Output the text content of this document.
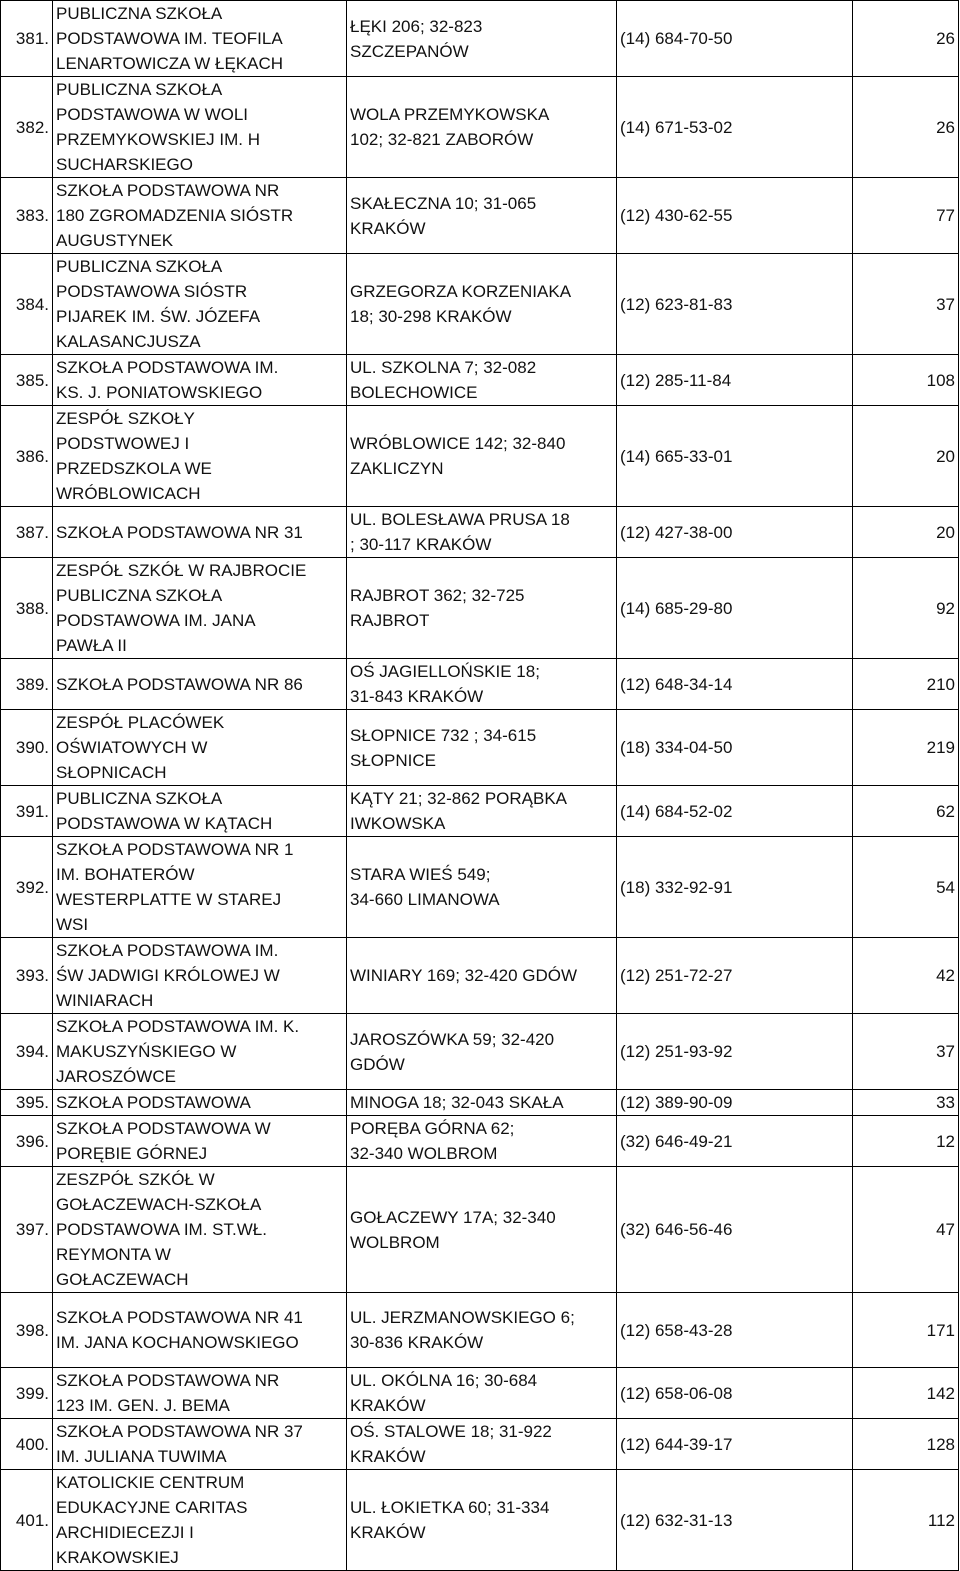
381.	PUBLICZNA SZKOŁA
PODSTAWOWA IM. TEOFILA
LENARTOWICZA W ŁĘKACH	ŁĘKI 206; 32-823
SZCZEPANÓW	(14) 684-70-50	26
382.	PUBLICZNA SZKOŁA
PODSTAWOWA W WOLI
PRZEMYKOWSKIEJ IM. H
SUCHARSKIEGO	WOLA PRZEMYKOWSKA
102; 32-821 ZABORÓW	(14) 671-53-02	26
383.	SZKOŁA PODSTAWOWA NR
180 ZGROMADZENIA SIÓSTR
AUGUSTYNEK	SKAŁECZNA 10; 31-065
KRAKÓW	(12) 430-62-55	77
384.	PUBLICZNA SZKOŁA
PODSTAWOWA SIÓSTR
PIJAREK IM. ŚW. JÓZEFA
KALASANCJUSZA	GRZEGORZA KORZENIAKA
18; 30-298 KRAKÓW	(12) 623-81-83	37
385.	SZKOŁA PODSTAWOWA IM.
KS. J. PONIATOWSKIEGO	UL. SZKOLNA 7; 32-082
BOLECHOWICE	(12) 285-11-84	108
386.	ZESPÓŁ SZKOŁY
PODSTWOWEJ I
PRZEDSZKOLA WE
WRÓBLOWICACH	WRÓBLOWICE 142; 32-840
ZAKLICZYN	(14) 665-33-01	20
387.	SZKOŁA PODSTAWOWA NR 31	UL. BOLESŁAWA PRUSA 18
; 30-117 KRAKÓW	(12) 427-38-00	20
388.	ZESPÓŁ SZKÓŁ W RAJBROCIE
PUBLICZNA SZKOŁA
PODSTAWOWA IM. JANA
PAWŁA II	RAJBROT 362; 32-725
RAJBROT	(14) 685-29-80	92
389.	SZKOŁA PODSTAWOWA NR 86	OŚ JAGIELLOŃSKIE 18;
31-843 KRAKÓW	(12) 648-34-14	210
390.	ZESPÓŁ PLACÓWEK
OŚWIATOWYCH W
SŁOPNICACH	SŁOPNICE 732 ; 34-615
SŁOPNICE	(18) 334-04-50	219
391.	PUBLICZNA SZKOŁA
PODSTAWOWA W KĄTACH	KĄTY 21; 32-862 PORĄBKA
IWKOWSKA	(14) 684-52-02	62
392.	SZKOŁA PODSTAWOWA NR 1
IM. BOHATERÓW
WESTERPLATTE W STAREJ
WSI	STARA WIEŚ 549;
34-660 LIMANOWA	(18) 332-92-91	54
393.	SZKOŁA PODSTAWOWA IM.
ŚW JADWIGI KRÓLOWEJ W
WINIARACH	WINIARY 169; 32-420 GDÓW	(12) 251-72-27	42
394.	SZKOŁA PODSTAWOWA IM. K.
MAKUSZYŃSKIEGO W
JAROSZÓWCE	JAROSZÓWKA 59; 32-420
GDÓW	(12) 251-93-92	37
395.	SZKOŁA PODSTAWOWA	MINOGA 18; 32-043 SKAŁA	(12) 389-90-09	33
396.	SZKOŁA PODSTAWOWA W
PORĘBIE GÓRNEJ	PORĘBA GÓRNA 62;
32-340 WOLBROM	(32) 646-49-21	12
397.	ZESZPÓŁ SZKÓŁ W
GOŁACZEWACH-SZKOŁA
PODSTAWOWA IM. ST.WŁ.
REYMONTA W
GOŁACZEWACH	GOŁACZEWY 17A; 32-340
WOLBROM	(32) 646-56-46	47
398.	SZKOŁA PODSTAWOWA NR 41
IM. JANA KOCHANOWSKIEGO	UL. JERZMANOWSKIEGO 6;
30-836 KRAKÓW	(12) 658-43-28	171
399.	SZKOŁA PODSTAWOWA NR
123 IM. GEN. J. BEMA	UL. OKÓLNA 16; 30-684
KRAKÓW	(12) 658-06-08	142
400.	SZKOŁA PODSTAWOWA NR 37
IM. JULIANA TUWIMA	OŚ. STALOWE 18; 31-922
KRAKÓW	(12) 644-39-17	128
401.	KATOLICKIE CENTRUM
EDUKACYJNE CARITAS
ARCHIDIECEZJI I
KRAKOWSKIEJ	UL. ŁOKIETKA 60; 31-334
KRAKÓW	(12) 632-31-13	112
